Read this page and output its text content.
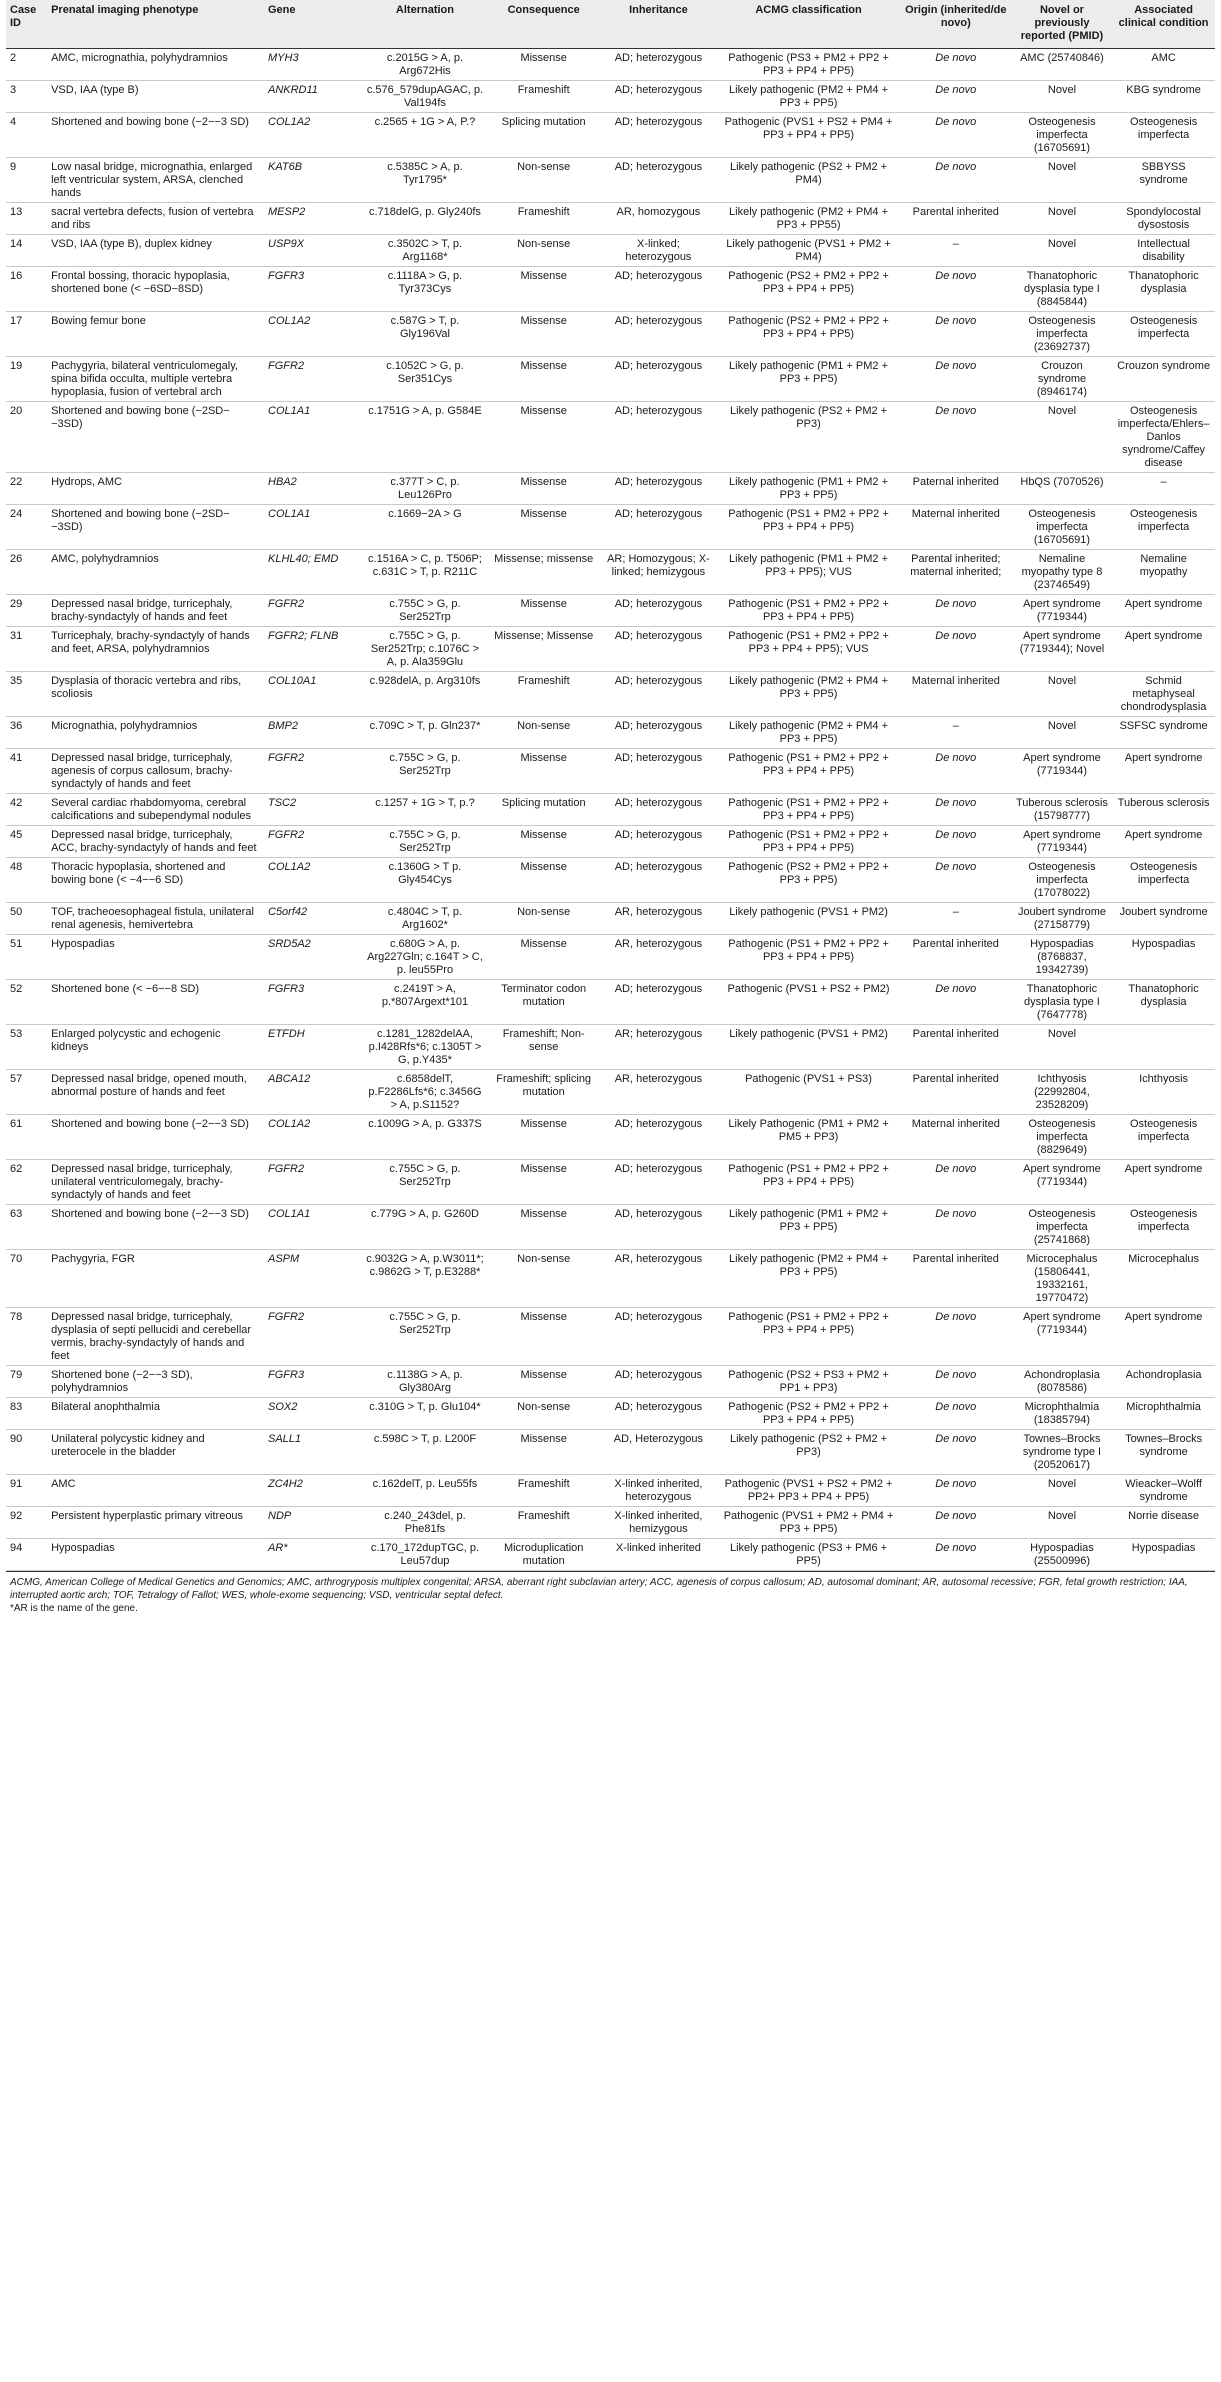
Case ID	Prenatal imaging phenotype	Gene	Alternation	Consequence	Inheritance	ACMG classification	Origin (inherited/de novo)	Novel or previously reported (PMID)	Associated clinical condition
2	AMC, micrognathia, polyhydramnios	MYH3	c.2015G > A, p. Arg672His	Missense	AD; heterozygous	Pathogenic (PS3 + PM2 + PP2 + PP3 + PP4 + PP5)	De novo	AMC (25740846)	AMC
3	VSD, IAA (type B)	ANKRD11	c.576_579dupAGAC, p. Val194fs	Frameshift	AD; heterozygous	Likely pathogenic (PM2 + PM4 + PP3 + PP5)	De novo	Novel	KBG syndrome
4	Shortened and bowing bone (−2−−3 SD)	COL1A2	c.2565 + 1G > A, P.?	Splicing mutation	AD; heterozygous	Pathogenic (PVS1 + PS2 + PM4 + PP3 + PP4 + PP5)	De novo	Osteogenesis imperfecta (16705691)	Osteogenesis imperfecta
9	Low nasal bridge, micrognathia, enlarged left ventricular system, ARSA, clenched hands	KAT6B	c.5385C > A, p. Tyr1795*	Non-sense	AD; heterozygous	Likely pathogenic (PS2 + PM2 + PM4)	De novo	Novel	SBBYSS syndrome
13	sacral vertebra defects, fusion of vertebra and ribs	MESP2	c.718delG, p. Gly240fs	Frameshift	AR, homozygous	Likely pathogenic (PM2 + PM4 + PP3 + PP55)	Parental inherited	Novel	Spondylocostal dysostosis
14	VSD, IAA (type B), duplex kidney	USP9X	c.3502C > T, p. Arg1168*	Non-sense	X-linked; heterozygous	Likely pathogenic (PVS1 + PM2 + PM4)	–	Novel	Intellectual disability
16	Frontal bossing, thoracic hypoplasia, shortened bone (< −6SD−8SD)	FGFR3	c.1118A > G, p. Tyr373Cys	Missense	AD; heterozygous	Pathogenic (PS2 + PM2 + PP2 + PP3 + PP4 + PP5)	De novo	Thanatophoric dysplasia type I (8845844)	Thanatophoric dysplasia
17	Bowing femur bone	COL1A2	c.587G > T, p. Gly196Val	Missense	AD; heterozygous	Pathogenic (PS2 + PM2 + PP2 + PP3 + PP4 + PP5)	De novo	Osteogenesis imperfecta (23692737)	Osteogenesis imperfecta
19	Pachygyria, bilateral ventriculomegaly, spina bifida occulta, multiple vertebra hypoplasia, fusion of vertebral arch	FGFR2	c.1052C > G, p. Ser351Cys	Missense	AD; heterozygous	Likely pathogenic (PM1 + PM2 + PP3 + PP5)	De novo	Crouzon syndrome (8946174)	Crouzon syndrome
20	Shortened and bowing bone (−2SD−−3SD)	COL1A1	c.1751G > A, p. G584E	Missense	AD; heterozygous	Likely pathogenic (PS2 + PM2 + PP3)	De novo	Novel	Osteogenesis imperfecta/Ehlers–Danlos syndrome/Caffey disease
22	Hydrops, AMC	HBA2	c.377T > C, p. Leu126Pro	Missense	AD; heterozygous	Likely pathogenic (PM1 + PM2 + PP3 + PP5)	Paternal inherited	HbQS (7070526)	–
24	Shortened and bowing bone (−2SD−−3SD)	COL1A1	c.1669−2A > G	Missense	AD; heterozygous	Pathogenic (PS1 + PM2 + PP2 + PP3 + PP4 + PP5)	Maternal inherited	Osteogenesis imperfecta (16705691)	Osteogenesis imperfecta
26	AMC, polyhydramnios	KLHL40; EMD	c.1516A > C, p. T506P; c.631C > T, p. R211C	Missense; missense	AR; Homozygous; X-linked; hemizygous	Likely pathogenic (PM1 + PM2 + PP3 + PP5); VUS	Parental inherited; maternal inherited;	Nemaline myopathy type 8 (23746549)	Nemaline myopathy
29	Depressed nasal bridge, turricephaly, brachy-syndactyly of hands and feet	FGFR2	c.755C > G, p. Ser252Trp	Missense	AD; heterozygous	Pathogenic (PS1 + PM2 + PP2 + PP3 + PP4 + PP5)	De novo	Apert syndrome (7719344)	Apert syndrome
31	Turricephaly, brachy-syndactyly of hands and feet, ARSA, polyhydramnios	FGFR2; FLNB	c.755C > G, p. Ser252Trp; c.1076C > A, p. Ala359Glu	Missense; Missense	AD; heterozygous	Pathogenic (PS1 + PM2 + PP2 + PP3 + PP4 + PP5); VUS	De novo	Apert syndrome (7719344); Novel	Apert syndrome
35	Dysplasia of thoracic vertebra and ribs, scoliosis	COL10A1	c.928delA, p. Arg310fs	Frameshift	AD; heterozygous	Likely pathogenic (PM2 + PM4 + PP3 + PP5)	Maternal inherited	Novel	Schmid metaphyseal chondrodysplasia
36	Micrognathia, polyhydramnios	BMP2	c.709C > T, p. Gln237*	Non-sense	AD; heterozygous	Likely pathogenic (PM2 + PM4 + PP3 + PP5)	–	Novel	SSFSC syndrome
41	Depressed nasal bridge, turricephaly, agenesis of corpus callosum, brachy-syndactyly of hands and feet	FGFR2	c.755C > G, p. Ser252Trp	Missense	AD; heterozygous	Pathogenic (PS1 + PM2 + PP2 + PP3 + PP4 + PP5)	De novo	Apert syndrome (7719344)	Apert syndrome
42	Several cardiac rhabdomyoma, cerebral calcifications and subependymal nodules	TSC2	c.1257 + 1G > T, p.?	Splicing mutation	AD; heterozygous	Pathogenic (PS1 + PM2 + PP2 + PP3 + PP4 + PP5)	De novo	Tuberous sclerosis (15798777)	Tuberous sclerosis
45	Depressed nasal bridge, turricephaly, ACC, brachy-syndactyly of hands and feet	FGFR2	c.755C > G, p. Ser252Trp	Missense	AD; heterozygous	Pathogenic (PS1 + PM2 + PP2 + PP3 + PP4 + PP5)	De novo	Apert syndrome (7719344)	Apert syndrome
48	Thoracic hypoplasia, shortened and bowing bone (< −4−−6 SD)	COL1A2	c.1360G > T p. Gly454Cys	Missense	AD; heterozygous	Pathogenic (PS2 + PM2 + PP2 + PP3 + PP5)	De novo	Osteogenesis imperfecta (17078022)	Osteogenesis imperfecta
50	TOF, tracheoesophageal fistula, unilateral renal agenesis, hemivertebra	C5orf42	c.4804C > T, p. Arg1602*	Non-sense	AR, heterozygous	Likely pathogenic (PVS1 + PM2)	–	Joubert syndrome (27158779)	Joubert syndrome
51	Hypospadias	SRD5A2	c.680G > A, p. Arg227Gln; c.164T > C, p. leu55Pro	Missense	AR, heterozygous	Pathogenic (PS1 + PM2 + PP2 + PP3 + PP4 + PP5)	Parental inherited	Hypospadias (8768837, 19342739)	Hypospadias
52	Shortened bone (< −6−−8 SD)	FGFR3	c.2419T > A, p.*807Argext*101	Terminator codon mutation	AD; heterozygous	Pathogenic (PVS1 + PS2 + PM2)	De novo	Thanatophoric dysplasia type I (7647778)	Thanatophoric dysplasia
53	Enlarged polycystic and echogenic kidneys	ETFDH	c.1281_1282delAA, p.I428Rfs*6; c.1305T > G, p.Y435*	Frameshift; Non-sense	AR; heterozygous	Likely pathogenic (PVS1 + PM2)	Parental inherited	Novel	
57	Depressed nasal bridge, opened mouth, abnormal posture of hands and feet	ABCA12	c.6858delT, p.F2286Lfs*6; c.3456G > A, p.S1152?	Frameshift; splicing mutation	AR, heterozygous	Pathogenic (PVS1 + PS3)	Parental inherited	Ichthyosis (22992804, 23528209)	Ichthyosis
61	Shortened and bowing bone (−2−−3 SD)	COL1A2	c.1009G > A, p. G337S	Missense	AD; heterozygous	Likely Pathogenic (PM1 + PM2 + PM5 + PP3)	Maternal inherited	Osteogenesis imperfecta (8829649)	Osteogenesis imperfecta
62	Depressed nasal bridge, turricephaly, unilateral ventriculomegaly, brachy-syndactyly of hands and feet	FGFR2	c.755C > G, p. Ser252Trp	Missense	AD; heterozygous	Pathogenic (PS1 + PM2 + PP2 + PP3 + PP4 + PP5)	De novo	Apert syndrome (7719344)	Apert syndrome
63	Shortened and bowing bone (−2−−3 SD)	COL1A1	c.779G > A, p. G260D	Missense	AD, heterozygous	Likely pathogenic (PM1 + PM2 + PP3 + PP5)	De novo	Osteogenesis imperfecta (25741868)	Osteogenesis imperfecta
70	Pachygyria, FGR	ASPM	c.9032G > A, p.W3011*; c.9862G > T, p.E3288*	Non-sense	AR, heterozygous	Likely pathogenic (PM2 + PM4 + PP3 + PP5)	Parental inherited	Microcephalus (15806441, 19332161, 19770472)	Microcephalus
78	Depressed nasal bridge, turricephaly, dysplasia of septi pellucidi and cerebellar vermis, brachy-syndactyly of hands and feet	FGFR2	c.755C > G, p. Ser252Trp	Missense	AD; heterozygous	Pathogenic (PS1 + PM2 + PP2 + PP3 + PP4 + PP5)	De novo	Apert syndrome (7719344)	Apert syndrome
79	Shortened bone (−2−−3 SD), polyhydramnios	FGFR3	c.1138G > A, p. Gly380Arg	Missense	AD; heterozygous	Pathogenic (PS2 + PS3 + PM2 + PP1 + PP3)	De novo	Achondroplasia (8078586)	Achondroplasia
83	Bilateral anophthalmia	SOX2	c.310G > T, p. Glu104*	Non-sense	AD; heterozygous	Pathogenic (PS2 + PM2 + PP2 + PP3 + PP4 + PP5)	De novo	Microphthalmia (18385794)	Microphthalmia
90	Unilateral polycystic kidney and ureterocele in the bladder	SALL1	c.598C > T, p. L200F	Missense	AD, Heterozygous	Likely pathogenic (PS2 + PM2 + PP3)	De novo	Townes–Brocks syndrome type I (20520617)	Townes–Brocks syndrome
91	AMC	ZC4H2	c.162delT, p. Leu55fs	Frameshift	X-linked inherited, heterozygous	Pathogenic (PVS1 + PS2 + PM2 + PP2+ PP3 + PP4 + PP5)	De novo	Novel	Wieacker–Wolff syndrome
92	Persistent hyperplastic primary vitreous	NDP	c.240_243del, p. Phe81fs	Frameshift	X-linked inherited, hemizygous	Pathogenic (PVS1 + PM2 + PM4 + PP3 + PP5)	De novo	Novel	Norrie disease
94	Hypospadias	AR*	c.170_172dupTGC, p. Leu57dup	Microduplication mutation	X-linked inherited	Likely pathogenic (PS3 + PM6 + PP5)	De novo	Hypospadias (25500996)	Hypospadias

ACMG, American College of Medical Genetics and Genomics; AMC, arthrogryposis multiplex congenital; ARSA, aberrant right subclavian artery; ACC, agenesis of corpus callosum; AD, autosomal dominant; AR, autosomal recessive; FGR, fetal growth restriction; IAA, interrupted aortic arch; TOF, Tetralogy of Fallot; WES, whole-exome sequencing; VSD, ventricular septal defect.

*AR is the name of the gene.
